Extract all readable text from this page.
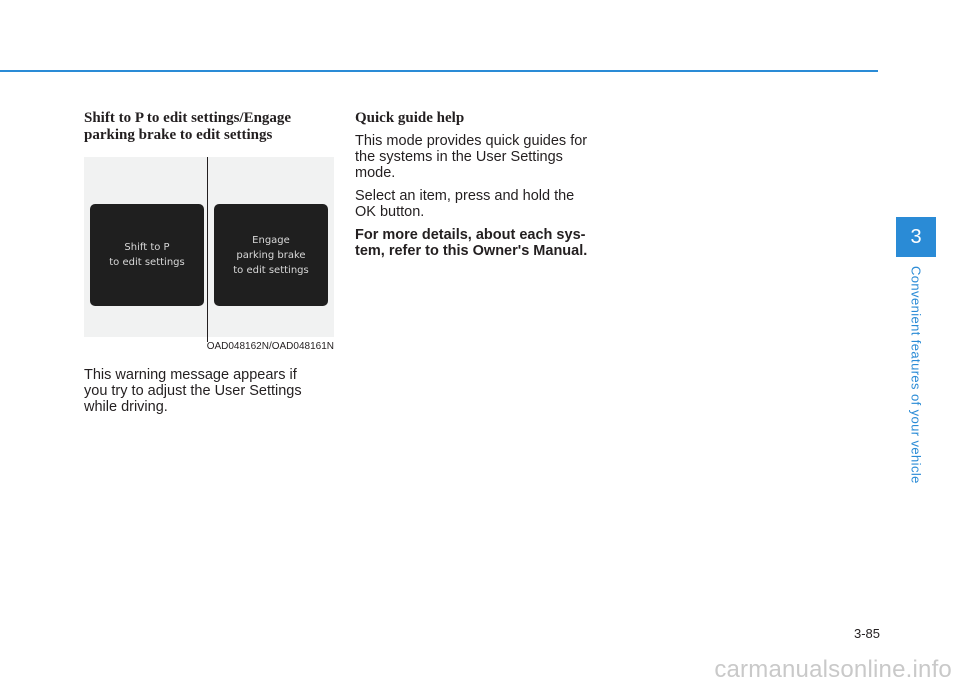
Shift to P to edit settings/Engage
parking brake to edit settings
Shift to P
to edit settings
Engage
parking brake
to edit settings
OAD048162N/OAD048161N

This warning message appears if
you try to adjust the User Settings
while driving.

Quick guide help

This mode provides quick guides for
the systems in the User Settings
mode.

Select an item, press and hold the
OK button.

For more details, about each sys-
tem, refer to this Owner's Manual.

3
Convenient features of your vehicle
3-85
carmanualsonline.info
